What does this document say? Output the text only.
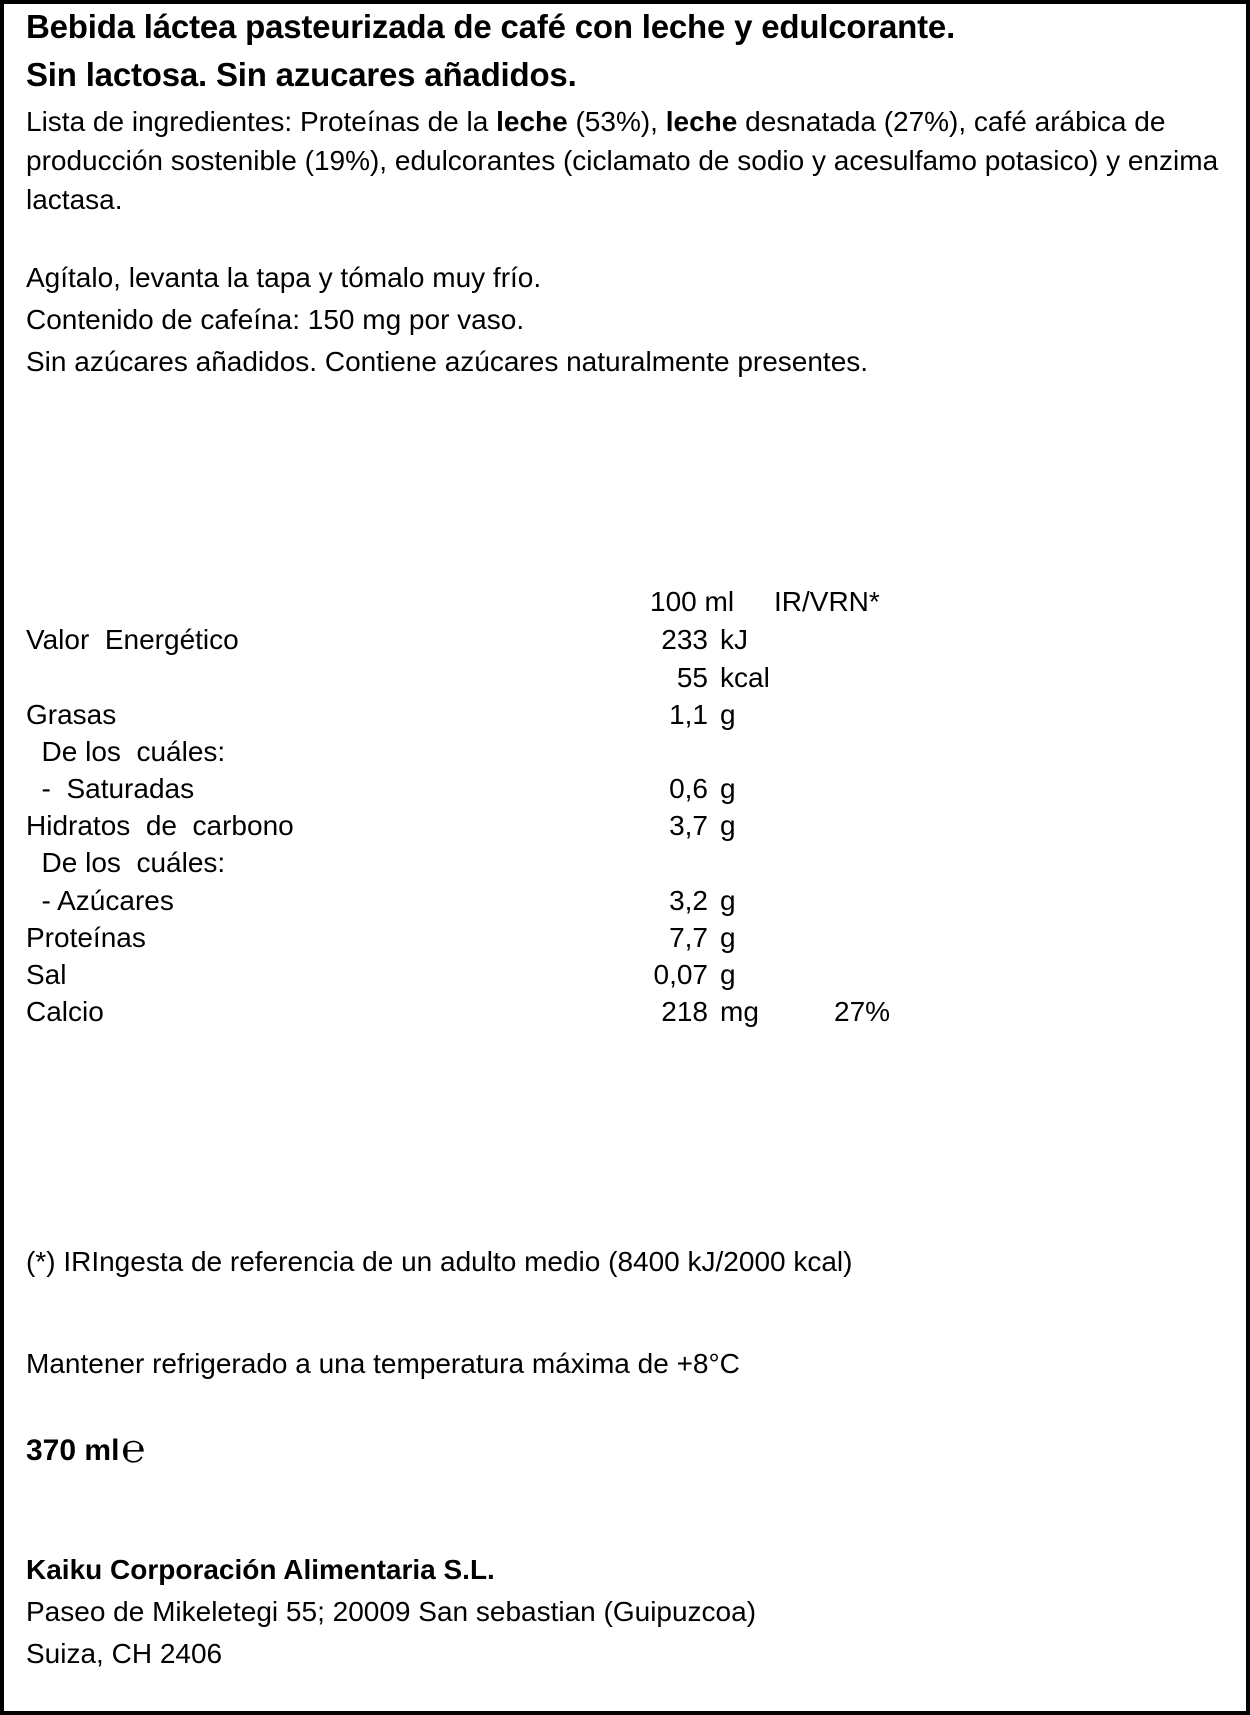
Bebida láctea pasteurizada de café con leche y edulcorante.
Sin lactosa. Sin azucares añadidos.
Lista de ingredientes: Proteínas de la leche (53%), leche desnatada (27%), café arábica de producción sostenible (19%), edulcorantes (ciclamato de sodio y acesulfamo potasico) y enzima lactasa.
Agítalo, levanta la tapa y tómalo muy frío.
Contenido de cafeína: 150 mg por vaso.
Sin azúcares añadidos. Contiene azúcares naturalmente presentes.
100 ml IR/VRN*
Valor  Energético	233 kJ
55 kcal
Grasas	1,1 g
De los  cuáles:
-  Saturadas	0,6 g
Hidratos  de  carbono	3,7 g
De los  cuáles:
- Azúcares	3,2 g
Proteínas	7,7 g
Sal	0,07 g
Calcio	218 mg	27%
(*) IRIngesta de referencia de un adulto medio (8400 kJ/2000 kcal)
Mantener refrigerado a una temperatura máxima de +8°C
370 ml℮
Kaiku Corporación Alimentaria S.L.
Paseo de Mikeletegi 55; 20009 San sebastian (Guipuzcoa)
Suiza, CH 2406
